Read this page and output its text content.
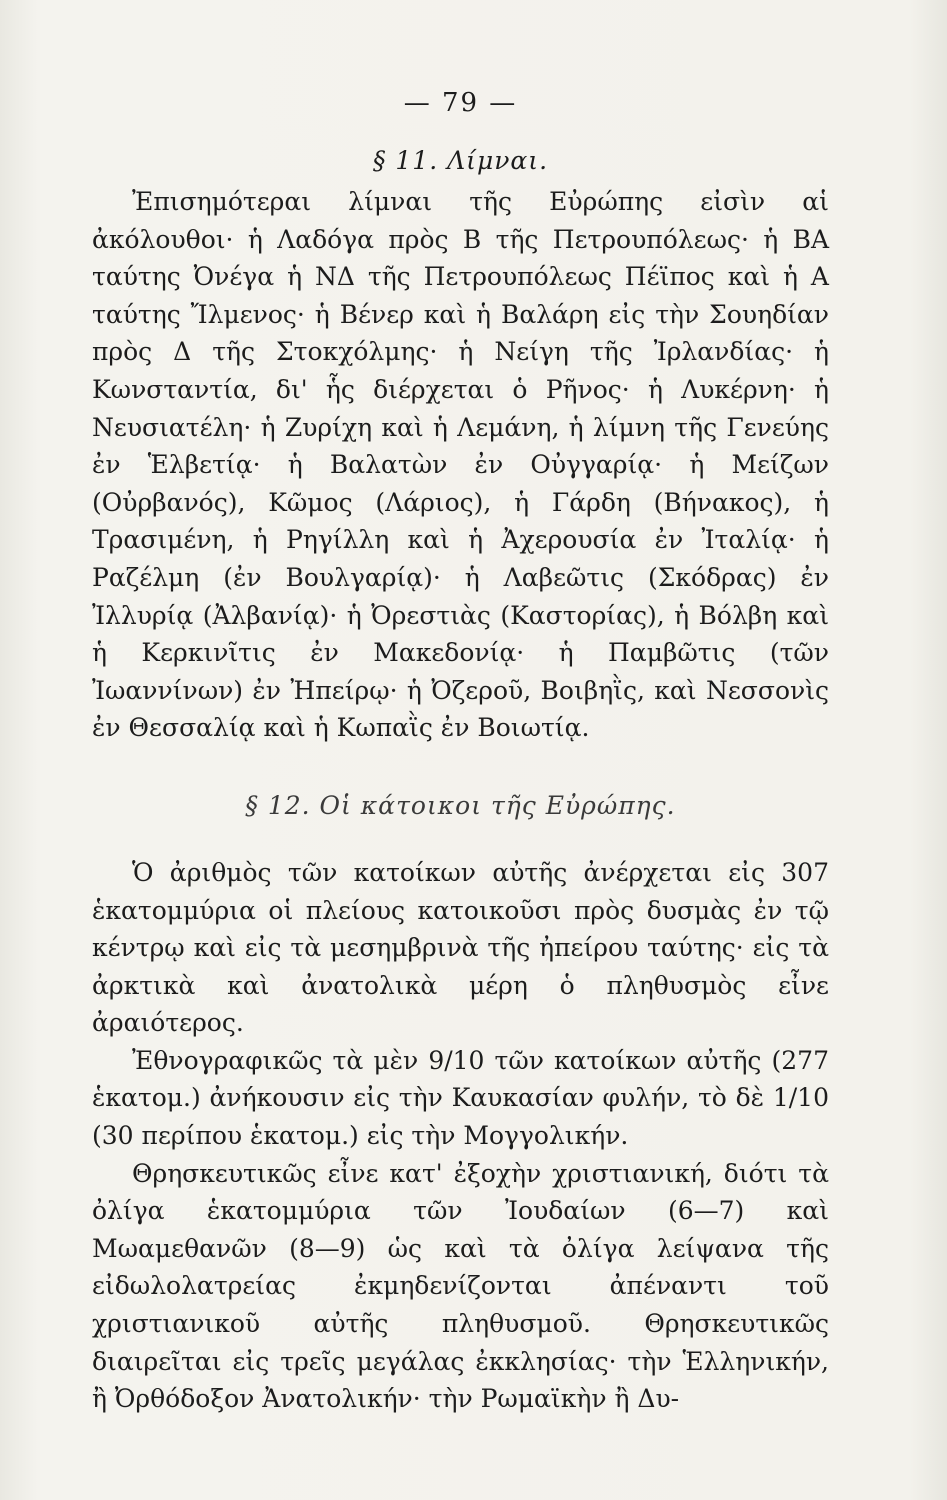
— 79 —
§ 11. Λίμναι.

Ἐπισημότεραι λίμναι τῆς Εὐρώπης εἰσὶν αἱ ἀκόλουθοι· ἡ Λαδόγα πρὸς Β τῆς Πετρουπόλεως· ἡ ΒΑ ταύτης Ὀνέγα ἡ ΝΔ τῆς Πετρουπόλεως Πέϊπος καὶ ἡ Α ταύτης Ἴλμενος· ἡ Βένερ καὶ ἡ Βαλάρη εἰς τὴν Σουηδίαν πρὸς Δ τῆς Στοκχόλμης· ἡ Νείγη τῆς Ἰρλανδίας· ἡ Κωνσταντία, δι' ἧς διέρχεται ὁ Ρῆνος· ἡ Λυκέρνη· ἡ Νευσιατέλη· ἡ Ζυρίχη καὶ ἡ Λεμάνη, ἡ λίμνη τῆς Γενεύης ἐν Ἑλβετίᾳ· ἡ Βαλατὼν ἐν Οὐγγαρίᾳ· ἡ Μείζων (Οὐρβανός), Κῶμος (Λάριος), ἡ Γάρδη (Βήνακος), ἡ Τρασιμένη, ἡ Ρηγίλλη καὶ ἡ Ἀχερουσία ἐν Ἰταλίᾳ· ἡ Ραζέλμη (ἐν Βουλγαρίᾳ)· ἡ Λαβεῶτις (Σκόδρας) ἐν Ἰλλυρίᾳ (Ἀλβανίᾳ)· ἡ Ὀρεστιὰς (Καστορίας), ἡ Βόλβη καὶ ἡ Κερκινῖτις ἐν Μακεδονίᾳ· ἡ Παμβῶτις (τῶν Ἰωαννίνων) ἐν Ἠπείρῳ· ἡ Ὀζεροῦ, Βοιβηῒς, καὶ Νεσσονὶς ἐν Θεσσαλίᾳ καὶ ἡ Κωπαῒς ἐν Βοιωτίᾳ.

§ 12. Οἱ κάτοικοι τῆς Εὐρώπης.

Ὁ ἀριθμὸς τῶν κατοίκων αὐτῆς ἀνέρχεται εἰς 307 ἑκατομμύρια οἱ πλείους κατοικοῦσι πρὸς δυσμὰς ἐν τῷ κέντρῳ καὶ εἰς τὰ μεσημβρινὰ τῆς ἠπείρου ταύτης· εἰς τὰ ἀρκτικὰ καὶ ἀνατολικὰ μέρη ὁ πληθυσμὸς εἶνε ἀραιότερος.

Ἐθνογραφικῶς τὰ μὲν 9/10 τῶν κατοίκων αὐτῆς (277 ἑκατομ.) ἀνήκουσιν εἰς τὴν Καυκασίαν φυλήν, τὸ δὲ 1/10 (30 περίπου ἑκατομ.) εἰς τὴν Μογγολικήν.

Θρησκευτικῶς εἶνε κατ' ἐξοχὴν χριστιανική, διότι τὰ ὀλίγα ἑκατομμύρια τῶν Ἰουδαίων (6—7) καὶ Μωαμεθανῶν (8—9) ὡς καὶ τὰ ὀλίγα λείψανα τῆς εἰδωλολατρείας ἐκμηδενίζονται ἀπέναντι τοῦ χριστιανικοῦ αὐτῆς πληθυσμοῦ. Θρησκευτικῶς διαιρεῖται εἰς τρεῖς μεγάλας ἐκκλησίας· τὴν Ἑλληνικήν, ἢ Ὀρθόδοξον Ἀνατολικήν· τὴν Ρωμαϊκὴν ἢ Δυ-
